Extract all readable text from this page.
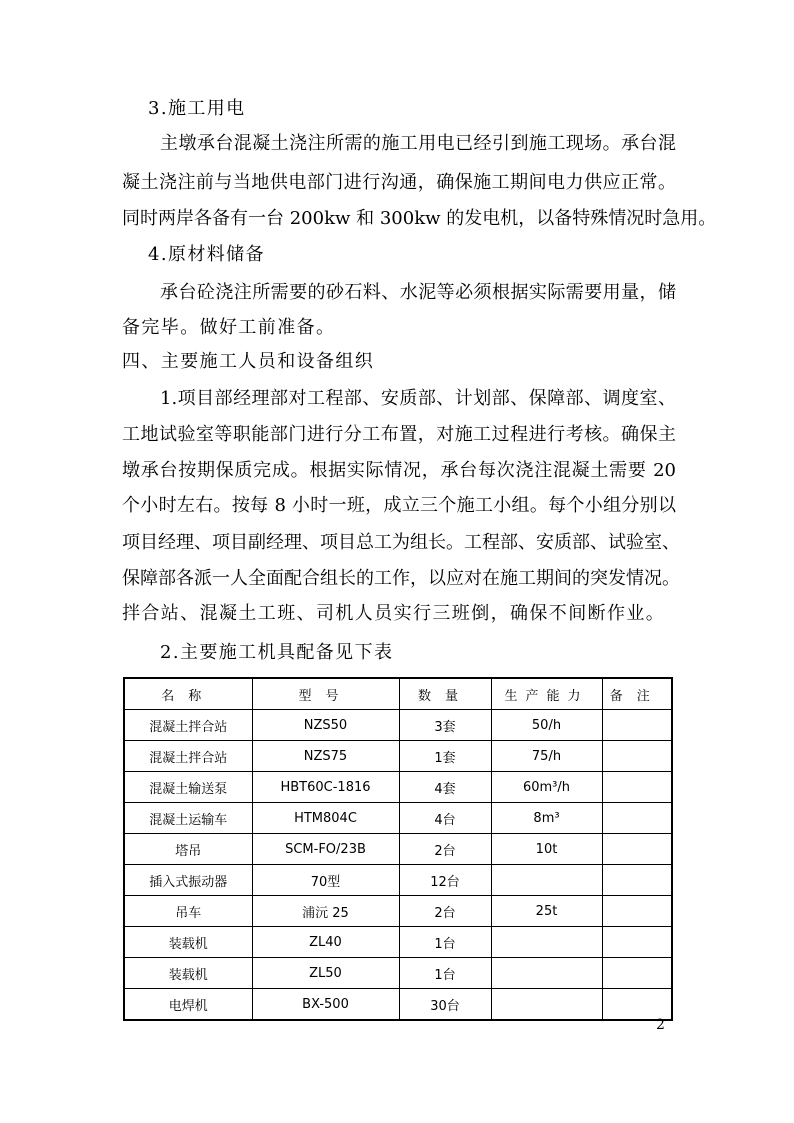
3.施工用电
主墩承台混凝土浇注所需的施工用电已经引到施工现场。承台混
凝土浇注前与当地供电部门进行沟通，确保施工期间电力供应正常。
同时两岸各备有一台 200kw 和 300kw 的发电机，以备特殊情况时急用。
4.原材料储备
承台砼浇注所需要的砂石料、水泥等必须根据实际需要用量，储
备完毕。做好工前准备。
四、主要施工人员和设备组织
1.项目部经理部对工程部、安质部、计划部、保障部、调度室、
工地试验室等职能部门进行分工布置，对施工过程进行考核。确保主
墩承台按期保质完成。根据实际情况，承台每次浇注混凝土需要 20
个小时左右。按每 8 小时一班，成立三个施工小组。每个小组分别以
项目经理、项目副经理、项目总工为组长。工程部、安质部、试验室、
保障部各派一人全面配合组长的工作，以应对在施工期间的突发情况。
拌合站、混凝土工班、司机人员实行三班倒，确保不间断作业。
2.主要施工机具配备见下表
名称	型号	数量	生产能力	备注
混凝土拌合站	NZS50	3套	50/h	
混凝土拌合站	NZS75	1套	75/h	
混凝土输送泵	HBT60C-1816	4套	60m³/h	
混凝土运输车	HTM804C	4台	8m³	
塔吊	SCM-FO/23B	2台	10t	
插入式振动器	70型	12台		
吊车	浦沅 25	2台	25t	
装载机	ZL40	1台		
装载机	ZL50	1台		
电焊机	BX-500	30台		
2
